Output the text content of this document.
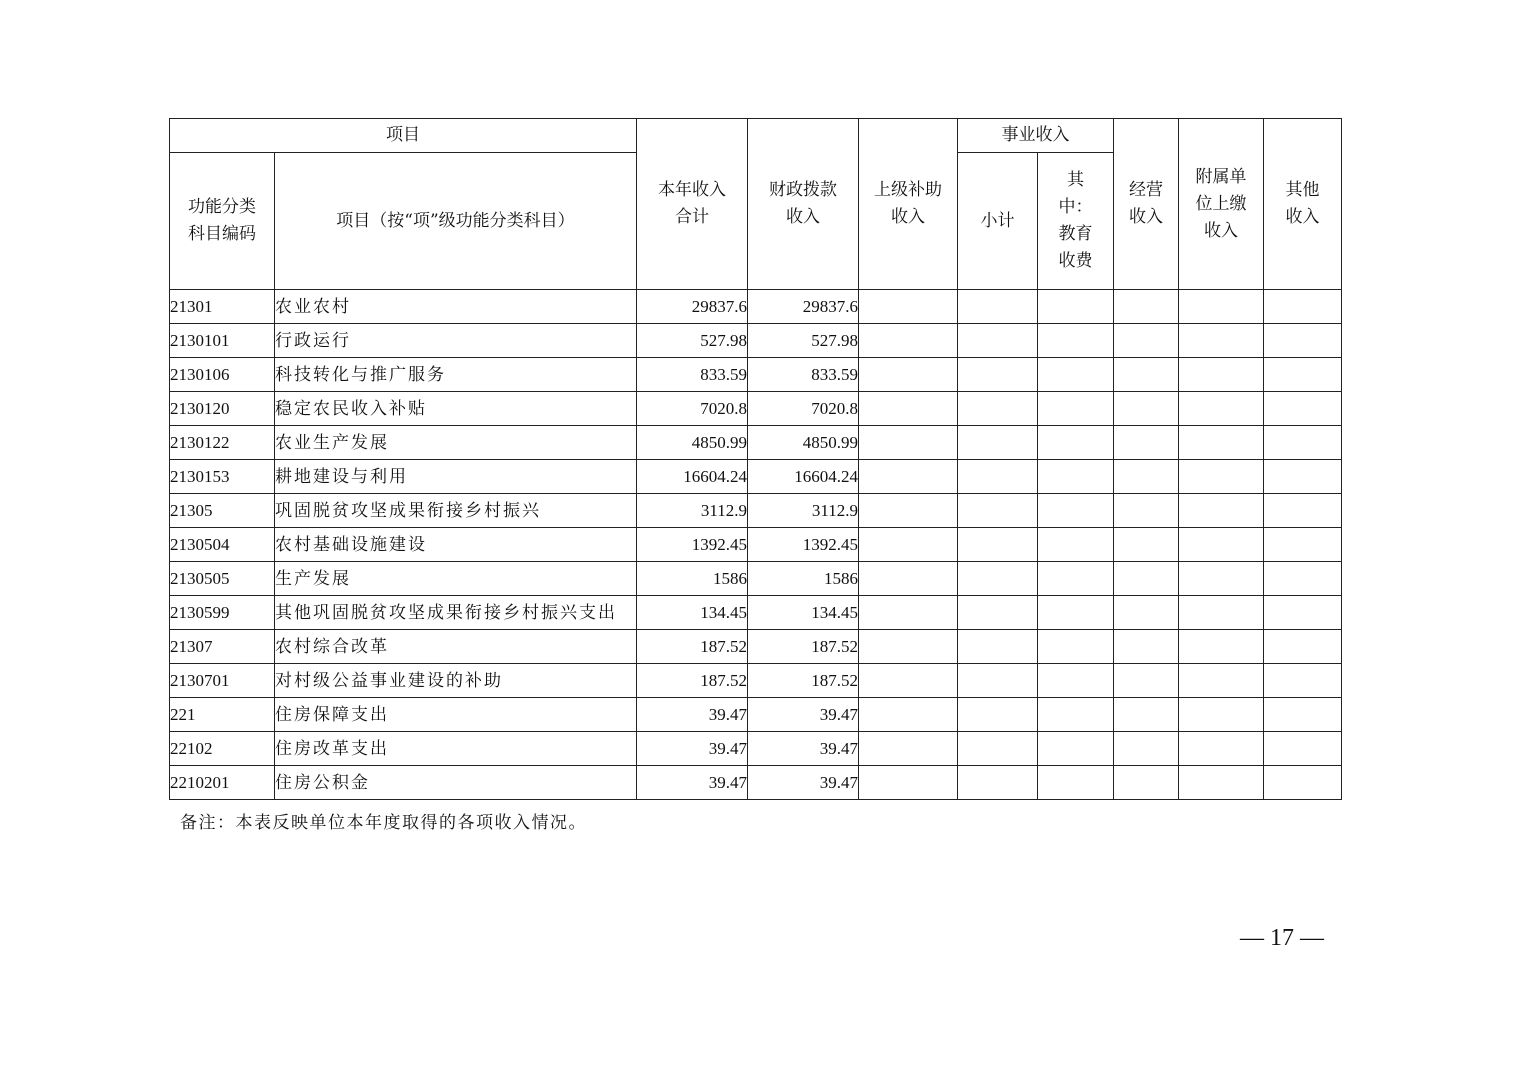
项目		本年收入合计	财政拨款收入	上级补助收入	事业收入		经营收入	附属单位上缴收入	其他收入

功能分类科目编码	项目（按“项”级功能分类科目）				小计	其中：教育收费			

21301	农业农村	29837.6	29837.6						
2130101	行政运行	527.98	527.98						
2130106	科技转化与推广服务	833.59	833.59						
2130120	稳定农民收入补贴	7020.8	7020.8						
2130122	农业生产发展	4850.99	4850.99						
2130153	耕地建设与利用	16604.24	16604.24						
21305	巩固脱贫攻坚成果衔接乡村振兴	3112.9	3112.9						
2130504	农村基础设施建设	1392.45	1392.45						
2130505	生产发展	1586	1586						
2130599	其他巩固脱贫攻坚成果衔接乡村振兴支出	134.45	134.45						
21307	农村综合改革	187.52	187.52						
2130701	对村级公益事业建设的补助	187.52	187.52						
221	住房保障支出	39.47	39.47						
22102	住房改革支出	39.47	39.47						
2210201	住房公积金	39.47	39.47						
备注：本表反映单位本年度取得的各项收入情况。
— 17 —
